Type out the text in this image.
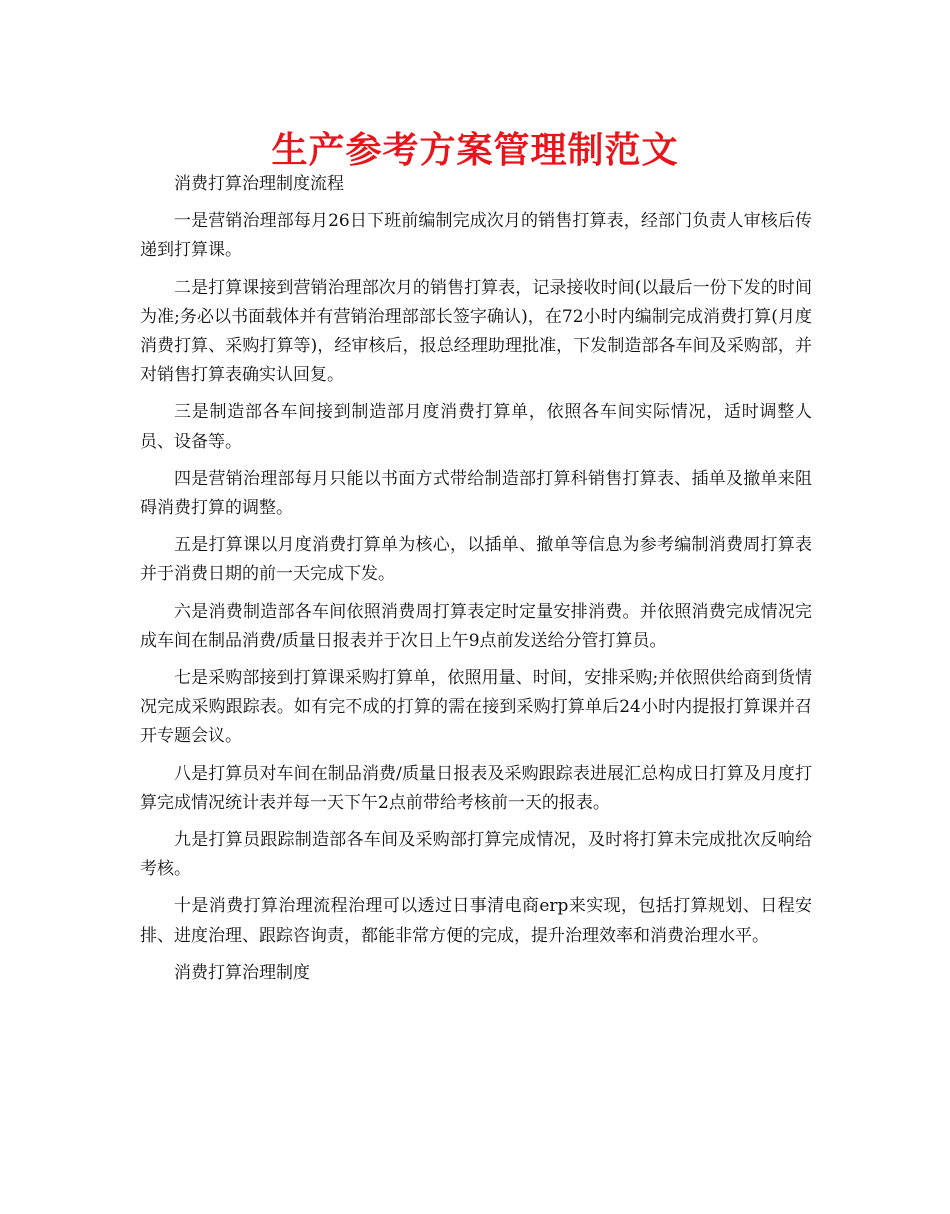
生产参考方案管理制范文

消费打算治理制度流程

一是营销治理部每月26日下班前编制完成次月的销售打算表，经部门负责人审核后传递到打算课。

二是打算课接到营销治理部次月的销售打算表，记录接收时间(以最后一份下发的时间为准;务必以书面载体并有营销治理部部长签字确认)，在72小时内编制完成消费打算(月度消费打算、采购打算等)，经审核后，报总经理助理批准，下发制造部各车间及采购部，并对销售打算表确实认回复。

三是制造部各车间接到制造部月度消费打算单，依照各车间实际情况，适时调整人员、设备等。

四是营销治理部每月只能以书面方式带给制造部打算科销售打算表、插单及撤单来阻碍消费打算的调整。

五是打算课以月度消费打算单为核心，以插单、撤单等信息为参考编制消费周打算表并于消费日期的前一天完成下发。

六是消费制造部各车间依照消费周打算表定时定量安排消费。并依照消费完成情况完成车间在制品消费/质量日报表并于次日上午9点前发送给分管打算员。

七是采购部接到打算课采购打算单，依照用量、时间，安排采购;并依照供给商到货情况完成采购跟踪表。如有完不成的打算的需在接到采购打算单后24小时内提报打算课并召开专题会议。

八是打算员对车间在制品消费/质量日报表及采购跟踪表进展汇总构成日打算及月度打算完成情况统计表并每一天下午2点前带给考核前一天的报表。

九是打算员跟踪制造部各车间及采购部打算完成情况，及时将打算未完成批次反响给考核。

十是消费打算治理流程治理可以透过日事清电商erp来实现，包括打算规划、日程安排、进度治理、跟踪咨询责，都能非常方便的完成，提升治理效率和消费治理水平。

消费打算治理制度
